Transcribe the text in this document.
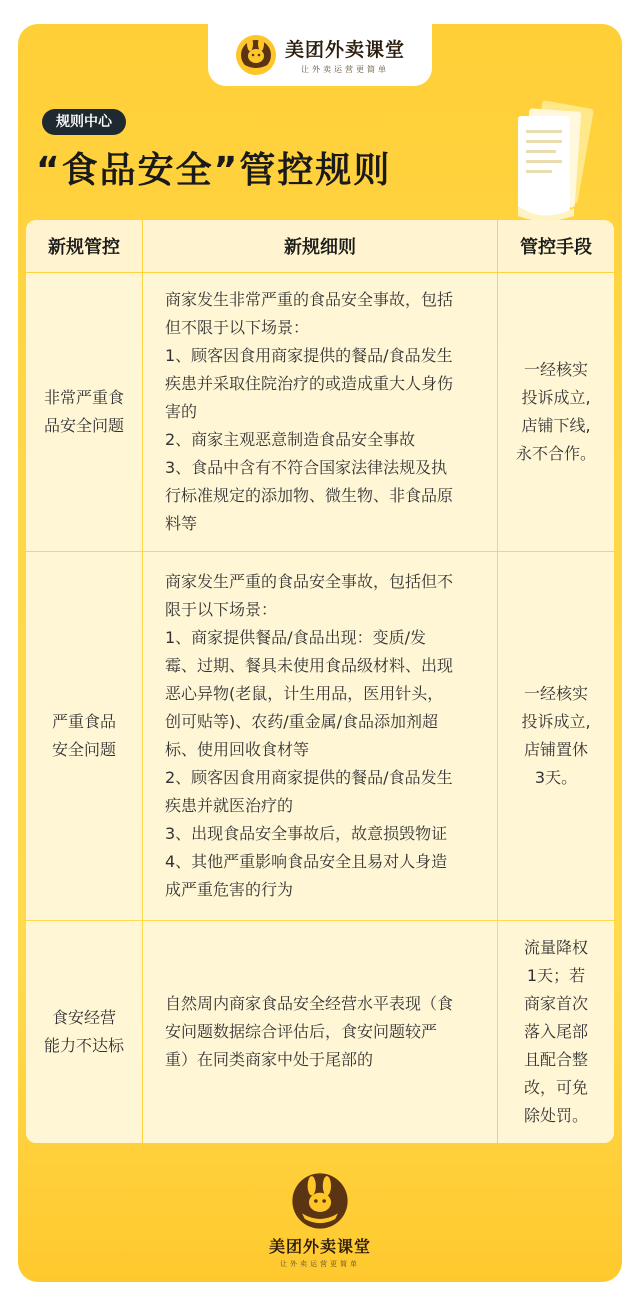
美团外卖课堂
让外卖运营更简单
规则中心
“食品安全”管控规则
新规管控	新规细则	管控手段
非常严重食
品安全问题
商家发生非常严重的食品安全事故，包括
但不限于以下场景：
1、顾客因食用商家提供的餐品/食品发生
疾患并采取住院治疗的或造成重大人身伤
害的
2、商家主观恶意制造食品安全事故
3、食品中含有不符合国家法律法规及执
行标准规定的添加物、微生物、非食品原
料等
一经核实
投诉成立,
店铺下线,
永不合作。
严重食品
安全问题
商家发生严重的食品安全事故，包括但不
限于以下场景：
1、商家提供餐品/食品出现：变质/发
霉、过期、餐具未使用食品级材料、出现
恶心异物(老鼠，计生用品，医用针头，
创可贴等)、农药/重金属/食品添加剂超
标、使用回收食材等
2、顾客因食用商家提供的餐品/食品发生
疾患并就医治疗的
3、出现食品安全事故后，故意损毁物证
4、其他严重影响食品安全且易对人身造
成严重危害的行为
一经核实
投诉成立,
店铺置休
3天。
食安经营
能力不达标
自然周内商家食品安全经营水平表现（食
安问题数据综合评估后，食安问题较严
重）在同类商家中处于尾部的
流量降权
1天；若
商家首次
落入尾部
且配合整
改，可免
除处罚。
美团外卖课堂
让外卖运营更简单
